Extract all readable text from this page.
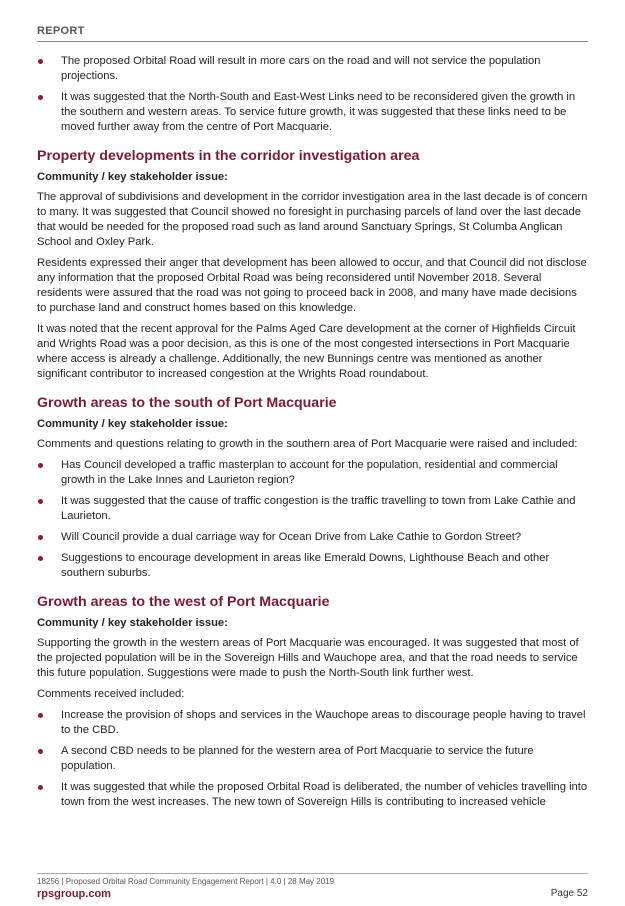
REPORT
The proposed Orbital Road will result in more cars on the road and will not service the population projections.
It was suggested that the North-South and East-West Links need to be reconsidered given the growth in the southern and western areas. To service future growth, it was suggested that these links need to be moved further away from the centre of Port Macquarie.
Property developments in the corridor investigation area
Community / key stakeholder issue:

The approval of subdivisions and development in the corridor investigation area in the last decade is of concern to many. It was suggested that Council showed no foresight in purchasing parcels of land over the last decade that would be needed for the proposed road such as land around Sanctuary Springs, St Columba Anglican School and Oxley Park.

Residents expressed their anger that development has been allowed to occur, and that Council did not disclose any information that the proposed Orbital Road was being reconsidered until November 2018. Several residents were assured that the road was not going to proceed back in 2008, and many have made decisions to purchase land and construct homes based on this knowledge.

It was noted that the recent approval for the Palms Aged Care development at the corner of Highfields Circuit and Wrights Road was a poor decision, as this is one of the most congested intersections in Port Macquarie where access is already a challenge. Additionally, the new Bunnings centre was mentioned as another significant contributor to increased congestion at the Wrights Road roundabout.

Growth areas to the south of Port Macquarie
Community / key stakeholder issue:

Comments and questions relating to growth in the southern area of Port Macquarie were raised and included:

Has Council developed a traffic masterplan to account for the population, residential and commercial growth in the Lake Innes and Laurieton region?
It was suggested that the cause of traffic congestion is the traffic travelling to town from Lake Cathie and Laurieton.
Will Council provide a dual carriage way for Ocean Drive from Lake Cathie to Gordon Street?
Suggestions to encourage development in areas like Emerald Downs, Lighthouse Beach and other southern suburbs.
Growth areas to the west of Port Macquarie
Community / key stakeholder issue:

Supporting the growth in the western areas of Port Macquarie was encouraged. It was suggested that most of the projected population will be in the Sovereign Hills and Wauchope area, and that the road needs to service this future population. Suggestions were made to push the North-South link further west.

Comments received included:

Increase the provision of shops and services in the Wauchope areas to discourage people having to travel to the CBD.
A second CBD needs to be planned for the western area of Port Macquarie to service the future population.
It was suggested that while the proposed Orbital Road is deliberated, the number of vehicles travelling into town from the west increases. The new town of Sovereign Hills is contributing to increased vehicle
18256 | Proposed Orbital Road Community Engagement Report | 4.0 | 28 May 2019
rpsgroup.com	Page 52
